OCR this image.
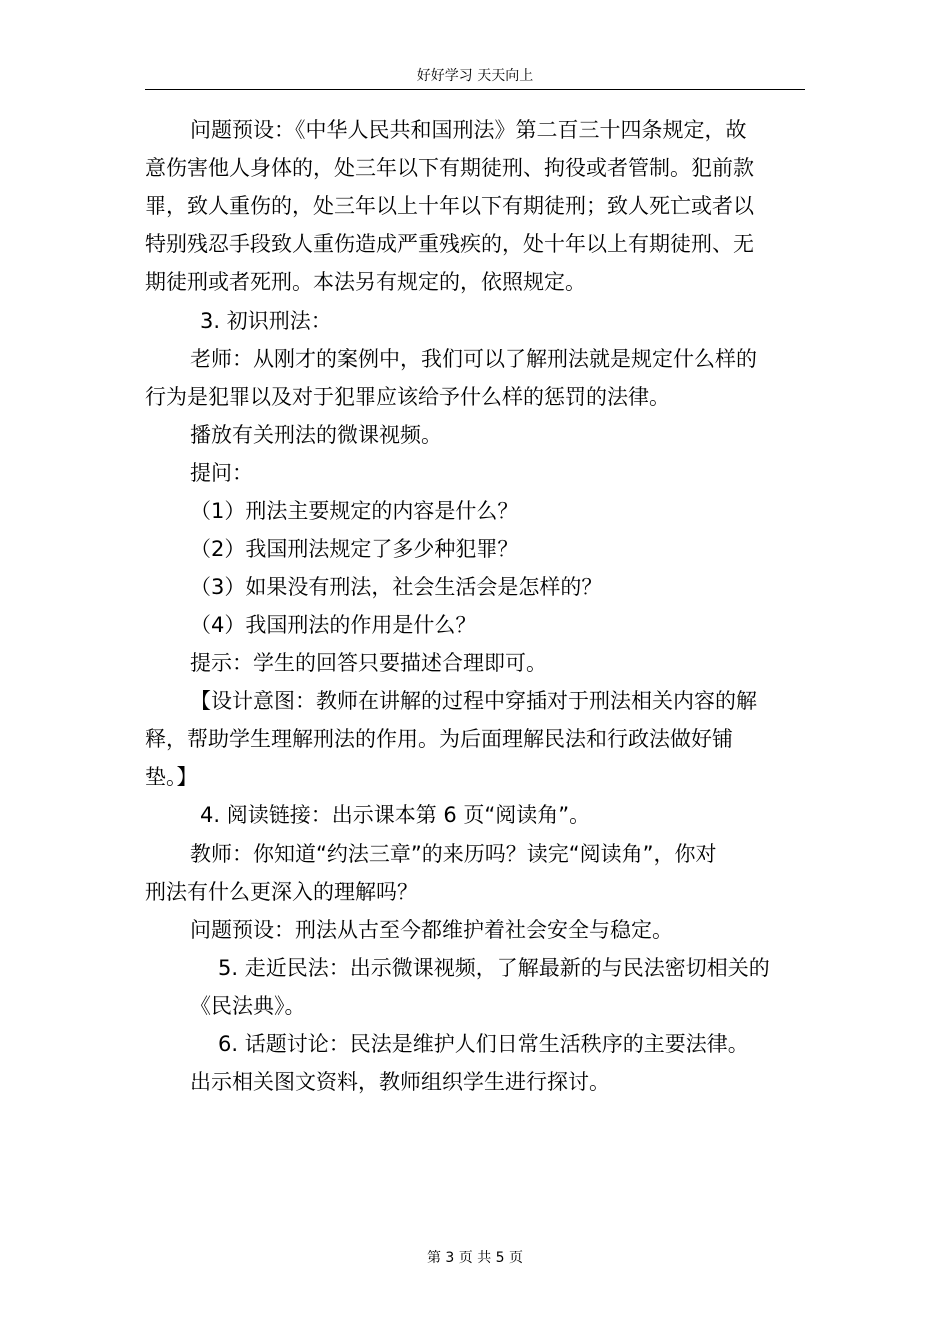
好好学习 天天向上
问题预设：《中华人民共和国刑法》第二百三十四条规定，故
意伤害他人身体的，处三年以下有期徒刑、拘役或者管制。犯前款
罪，致人重伤的，处三年以上十年以下有期徒刑；致人死亡或者以
特别残忍手段致人重伤造成严重残疾的，处十年以上有期徒刑、无
期徒刑或者死刑。本法另有规定的，依照规定。
3. 初识刑法：
老师：从刚才的案例中，我们可以了解刑法就是规定什么样的
行为是犯罪以及对于犯罪应该给予什么样的惩罚的法律。
播放有关刑法的微课视频。
提问：
（1）刑法主要规定的内容是什么？
（2）我国刑法规定了多少种犯罪？
（3）如果没有刑法，社会生活会是怎样的？
（4）我国刑法的作用是什么？
提示：学生的回答只要描述合理即可。
【设计意图：教师在讲解的过程中穿插对于刑法相关内容的解
释，帮助学生理解刑法的作用。为后面理解民法和行政法做好铺
垫。】
4. 阅读链接：出示课本第 6 页“阅读角”。
教师：你知道“约法三章”的来历吗？读完“阅读角”，你对
刑法有什么更深入的理解吗？
问题预设：刑法从古至今都维护着社会安全与稳定。
5. 走近民法：出示微课视频，了解最新的与民法密切相关的
《民法典》。
6. 话题讨论：民法是维护人们日常生活秩序的主要法律。
出示相关图文资料，教师组织学生进行探讨。
第 3 页 共 5 页
